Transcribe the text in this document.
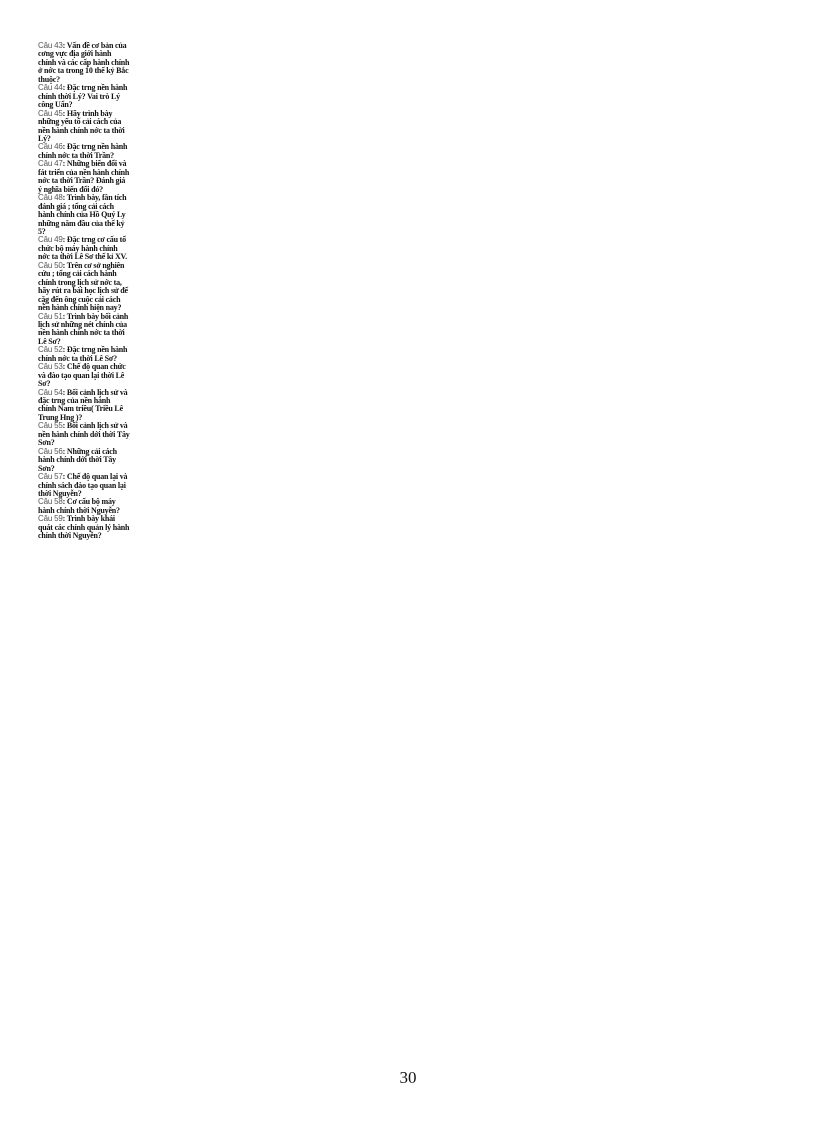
Câu 43: Vấn đề cơ bản của cơng vực địa giới hành chính và các cấp hành chính ở nớc ta trong 10 thế kỷ Bắc thuộc?

Câu 44: Đặc trng nền hành chính thời Lý? Vai trò Lý công Uẩn?

Câu 45: Hãy trình bày những yếu tố cải cách của nền hành chính nớc ta thời Lý?

Câu 46: Đặc trng nền hành chính nớc ta thời Trần?

Câu 47: Những biến đổi và fát triển của nền hành chính nớc ta thời Trần? Đánh giá ý nghĩa biến đổi đó?

Câu 48: Trình bày, fân tích đánh giá ; tổng cải cách hành chính của Hồ Quý Ly những năm đầu của thế kỷ 5?

Câu 49: Đặc trng cơ cấu tổ chức bộ máy hành chính nớc ta thời Lê Sơ thế kỉ XV.

Câu 50: Trên cơ sở nghiên cứu ; tổng cải cách hành chính trong lịch sử nớc ta, hãy rút ra bài học lịch sử để cặg đến ông cuộc cải cách nền hành chính hiện nay?

Câu 51: Trình bày bối cảnh lịch sử những nét chính của nền hành chính nớc ta thời Lê Sơ?

Câu 52: Đặc trng nền hành chính nớc ta thời Lê Sơ?

Câu 53: Chế độ quan chức và đào tạo quan lại thời Lê Sơ?

Câu 54: Bối cảnh lịch sử và đặc trng của nền hành chính Nam triều( Triều Lê Trung Hng )?

Câu 55: Bối cảnh lịch sử và nền hành chính dới thời Tây Sơn?

Câu 56: Những cải cách hành chính dới thời Tây Sơn?

Câu 57: Chế độ quan lại và chính sách đào tạo quan lại thời Nguyễn?

Câu 58: Cơ cấu bộ máy hành chính thời Nguyễn?

Câu 59: Trình bày khái quát các chính quản lý hành chính thời Nguyễn?

30
